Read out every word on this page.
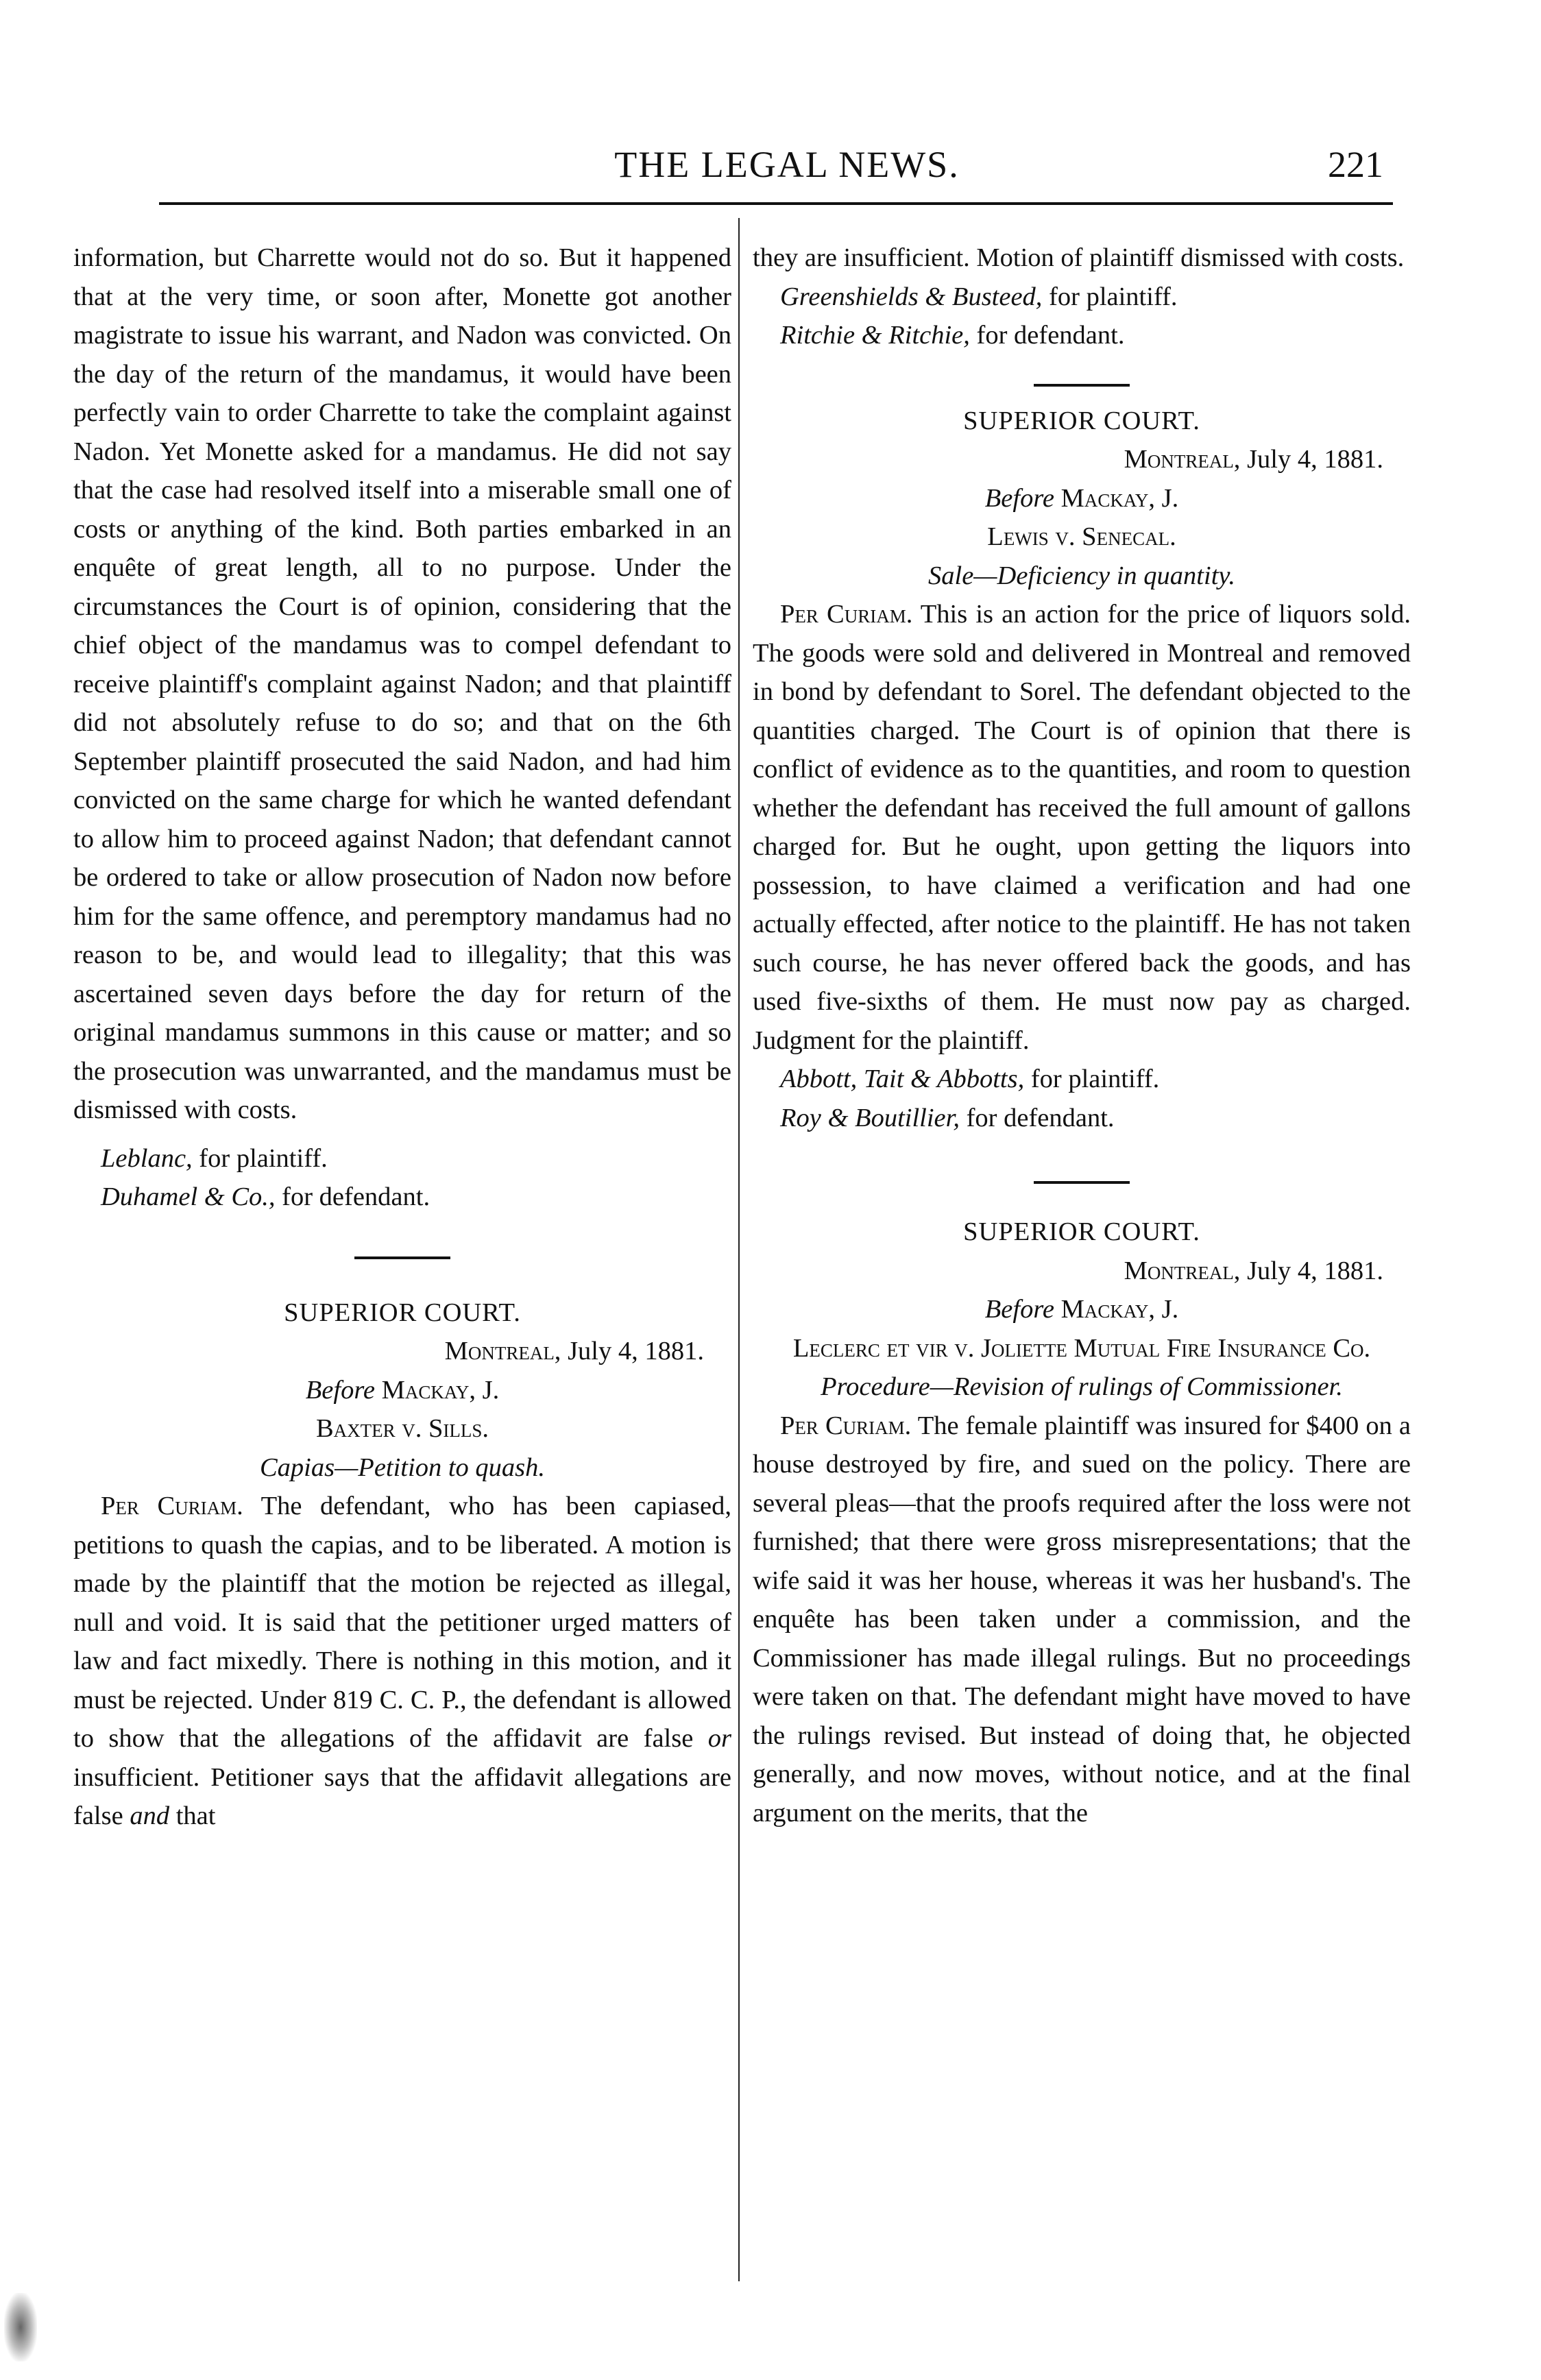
THE LEGAL NEWS.	221

information, but Charrette would not do so. But it happened that at the very time, or soon after, Monette got another magistrate to issue his warrant, and Nadon was convicted. On the day of the return of the mandamus, it would have been perfectly vain to order Charrette to take the complaint against Nadon. Yet Monette asked for a mandamus. He did not say that the case had resolved itself into a miserable small one of costs or anything of the kind. Both parties embarked in an enquête of great length, all to no purpose. Under the circumstances the Court is of opinion, considering that the chief object of the mandamus was to compel defendant to receive plaintiff's complaint against Nadon; and that plaintiff did not absolutely refuse to do so; and that on the 6th September plaintiff prosecuted the said Nadon, and had him convicted on the same charge for which he wanted defendant to allow him to proceed against Nadon; that defendant cannot be ordered to take or allow prosecution of Nadon now before him for the same offence, and peremptory mandamus had no reason to be, and would lead to illegality; that this was ascertained seven days before the day for return of the original mandamus summons in this cause or matter; and so the prosecution was unwarranted, and the mandamus must be dismissed with costs.

Leblanc, for plaintiff.

Duhamel & Co., for defendant.

SUPERIOR COURT.

Montreal, July 4, 1881.

Before Mackay, J.

Baxter v. Sills.

Capias—Petition to quash.

Per Curiam. The defendant, who has been capiased, petitions to quash the capias, and to be liberated. A motion is made by the plaintiff that the motion be rejected as illegal, null and void. It is said that the petitioner urged matters of law and fact mixedly. There is nothing in this motion, and it must be rejected. Under 819 C. C. P., the defendant is allowed to show that the allegations of the affidavit are false or insufficient. Petitioner says that the affidavit allegations are false and that

they are insufficient. Motion of plaintiff dismissed with costs.

Greenshields & Busteed, for plaintiff.

Ritchie & Ritchie, for defendant.

SUPERIOR COURT.

Montreal, July 4, 1881.

Before Mackay, J.

Lewis v. Senecal.

Sale—Deficiency in quantity.

Per Curiam. This is an action for the price of liquors sold. The goods were sold and delivered in Montreal and removed in bond by defendant to Sorel. The defendant objected to the quantities charged. The Court is of opinion that there is conflict of evidence as to the quantities, and room to question whether the defendant has received the full amount of gallons charged for. But he ought, upon getting the liquors into possession, to have claimed a verification and had one actually effected, after notice to the plaintiff. He has not taken such course, he has never offered back the goods, and has used five-sixths of them. He must now pay as charged. Judgment for the plaintiff.

Abbott, Tait & Abbotts, for plaintiff.

Roy & Boutillier, for defendant.

SUPERIOR COURT.

Montreal, July 4, 1881.

Before Mackay, J.

Leclerc et vir v. Joliette Mutual Fire Insurance Co.

Procedure—Revision of rulings of Commissioner.

Per Curiam. The female plaintiff was insured for $400 on a house destroyed by fire, and sued on the policy. There are several pleas—that the proofs required after the loss were not furnished; that there were gross misrepresentations; that the wife said it was her house, whereas it was her husband's. The enquête has been taken under a commission, and the Commissioner has made illegal rulings. But no proceedings were taken on that. The defendant might have moved to have the rulings revised. But instead of doing that, he objected generally, and now moves, without notice, and at the final argument on the merits, that the
